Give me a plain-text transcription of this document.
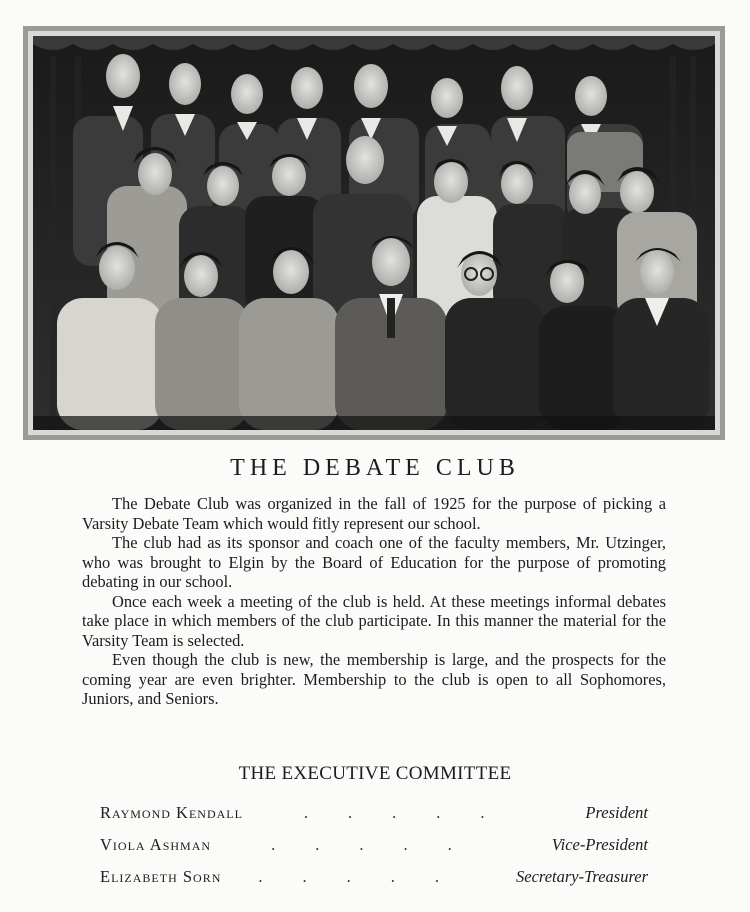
THE DEBATE CLUB

The Debate Club was organized in the fall of 1925 for the purpose of picking a Varsity Debate Team which would fitly represent our school.

The club had as its sponsor and coach one of the faculty members, Mr. Utzinger, who was brought to Elgin by the Board of Education for the purpose of promoting debating in our school.

Once each week a meeting of the club is held. At these meetings informal debates take place in which members of the club participate. In this manner the material for the Varsity Team is selected.

Even though the club is new, the membership is large, and the prospects for the coming year are even brighter. Membership to the club is open to all Sophomores, Juniors, and Seniors.

THE EXECUTIVE COMMITTEE
Raymond Kendall	.....	President
Viola Ashman	.....	Vice-President
Elizabeth Sorn	.....	Secretary-Treasurer
